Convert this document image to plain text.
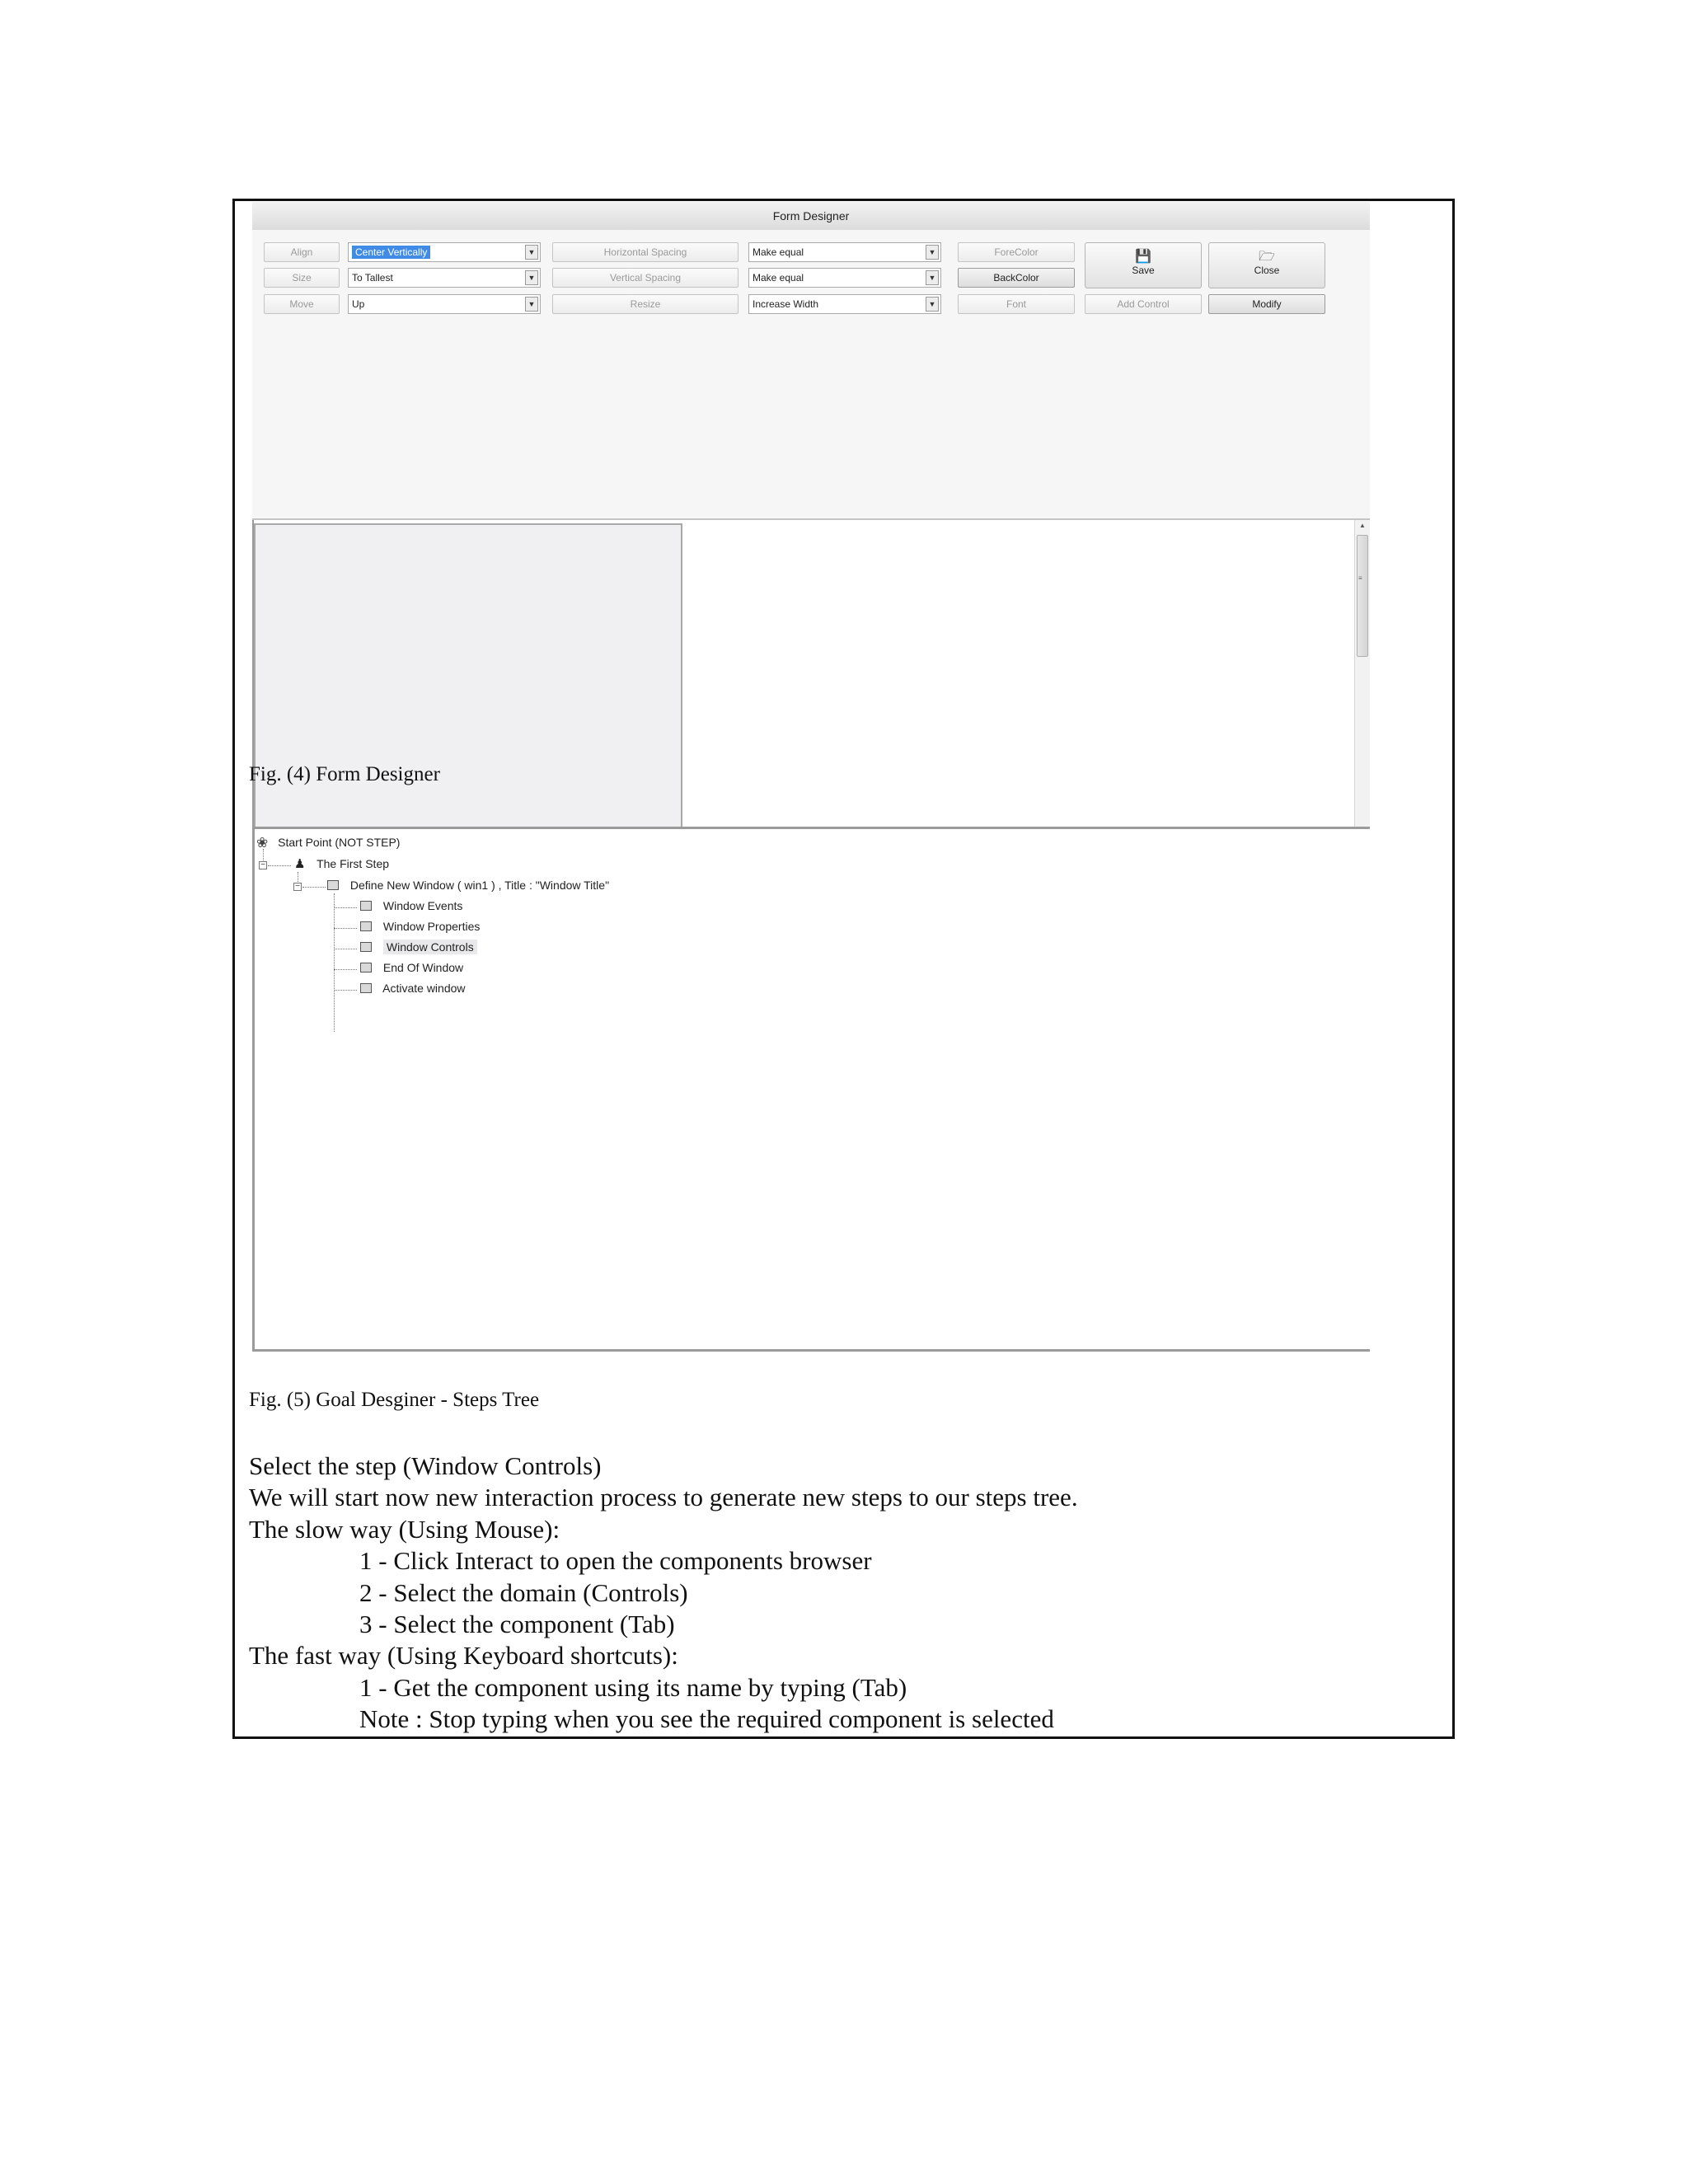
Form Designer
Align
Size
Move
Center Vertically	▼
To Tallest	▼
Up	▼
Horizontal Spacing
Vertical Spacing
Resize
Make equal	▼
Make equal	▼
Increase Width	▼
ForeColor
BackColor
Font
💾
Save
Add Control
🗁
Close
Modify
▲
≡
Fig. (4) Form Designer
−
−
❀ Start Point (NOT STEP)
♟ The First Step
Define New Window ( win1 ) , Title : "Window Title"
Window Events
Window Properties
Window Controls
End Of Window
Activate window
Fig. (5) Goal Desginer - Steps Tree
Select the step (Window Controls)
We will start now new interaction process to generate new steps to our steps tree.
The slow way (Using Mouse):
1 - Click Interact to open the components browser
2 - Select the domain (Controls)
3 - Select the component (Tab)
The fast way (Using Keyboard shortcuts):
1 - Get the component using its name by typing (Tab)
Note : Stop typing when you see the required component is selected
